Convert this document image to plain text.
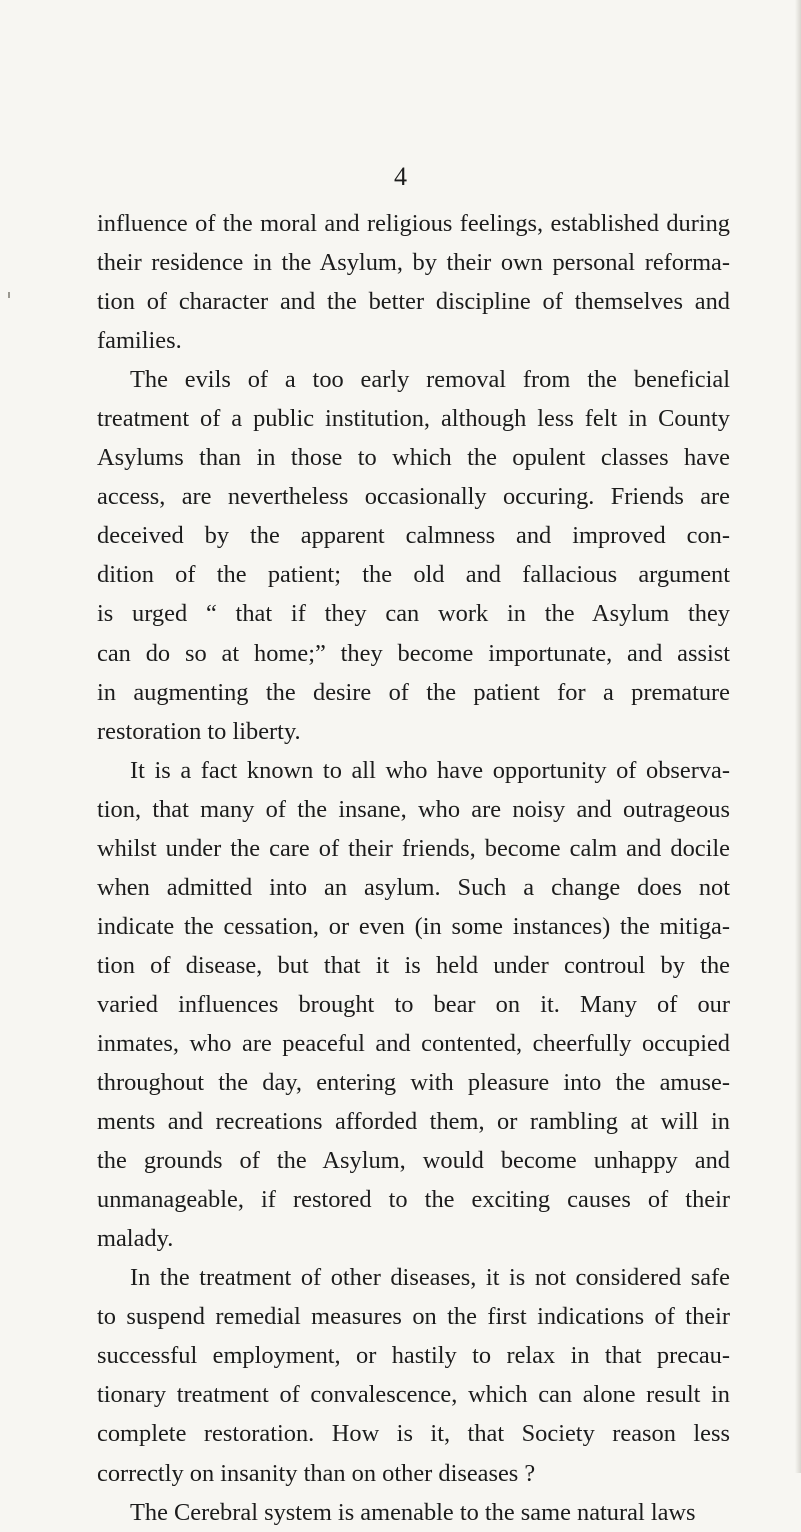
4
influence of the moral and religious feelings, established during
their residence in the Asylum, by their own personal reforma-
tion of character and the better discipline of themselves and
families.
The evils of a too early removal from the beneficial
treatment of a public institution, although less felt in County
Asylums than in those to which the opulent classes have
access, are nevertheless occasionally occuring. Friends are
deceived by the apparent calmness and improved con-
dition of the patient; the old and fallacious argument
is urged “ that if they can work in the Asylum they
can do so at home;” they become importunate, and assist
in augmenting the desire of the patient for a premature
restoration to liberty.
It is a fact known to all who have opportunity of observa-
tion, that many of the insane, who are noisy and outrageous
whilst under the care of their friends, become calm and docile
when admitted into an asylum. Such a change does not
indicate the cessation, or even (in some instances) the mitiga-
tion of disease, but that it is held under controul by the
varied influences brought to bear on it. Many of our
inmates, who are peaceful and contented, cheerfully occupied
throughout the day, entering with pleasure into the amuse-
ments and recreations afforded them, or rambling at will in
the grounds of the Asylum, would become unhappy and
unmanageable, if restored to the exciting causes of their
malady.
In the treatment of other diseases, it is not considered safe
to suspend remedial measures on the first indications of their
successful employment, or hastily to relax in that precau-
tionary treatment of convalescence, which can alone result in
complete restoration. How is it, that Society reason less
correctly on insanity than on other diseases ?
The Cerebral system is amenable to the same natural laws
